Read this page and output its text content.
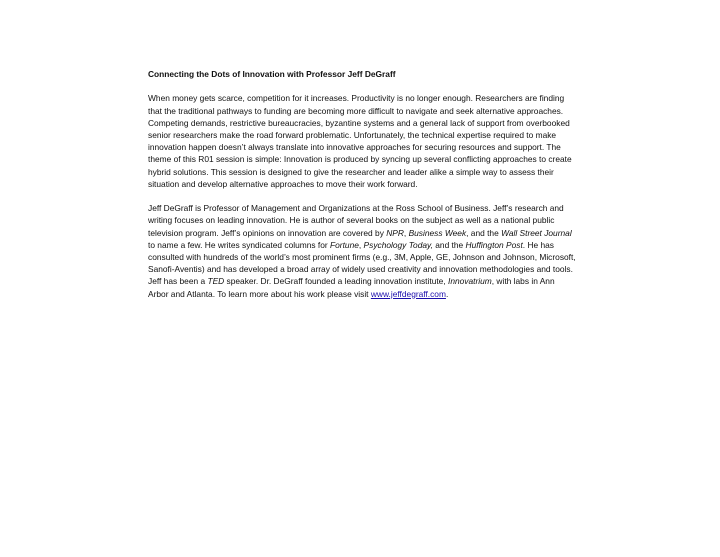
Connecting the Dots of Innovation with Professor Jeff DeGraff

When money gets scarce, competition for it increases. Productivity is no longer enough. Researchers are finding that the traditional pathways to funding are becoming more difficult to navigate and seek alternative approaches. Competing demands, restrictive bureaucracies, byzantine systems and a general lack of support from overbooked senior researchers make the road forward problematic. Unfortunately, the technical expertise required to make innovation happen doesn’t always translate into innovative approaches for securing resources and support. The theme of this R01 session is simple: Innovation is produced by syncing up several conflicting approaches to create hybrid solutions. This session is designed to give the researcher and leader alike a simple way to assess their situation and develop alternative approaches to move their work forward.

Jeff DeGraff is Professor of Management and Organizations at the Ross School of Business. Jeff’s research and writing focuses on leading innovation. He is author of several books on the subject as well as a national public television program. Jeff’s opinions on innovation are covered by NPR, Business Week, and the Wall Street Journal to name a few. He writes syndicated columns for Fortune, Psychology Today, and the Huffington Post. He has consulted with hundreds of the world’s most prominent firms (e.g., 3M, Apple, GE, Johnson and Johnson, Microsoft, Sanofi-Aventis) and has developed a broad array of widely used creativity and innovation methodologies and tools. Jeff has been a TED speaker. Dr. DeGraff founded a leading innovation institute, Innovatrium, with labs in Ann Arbor and Atlanta. To learn more about his work please visit www.jeffdegraff.com.
